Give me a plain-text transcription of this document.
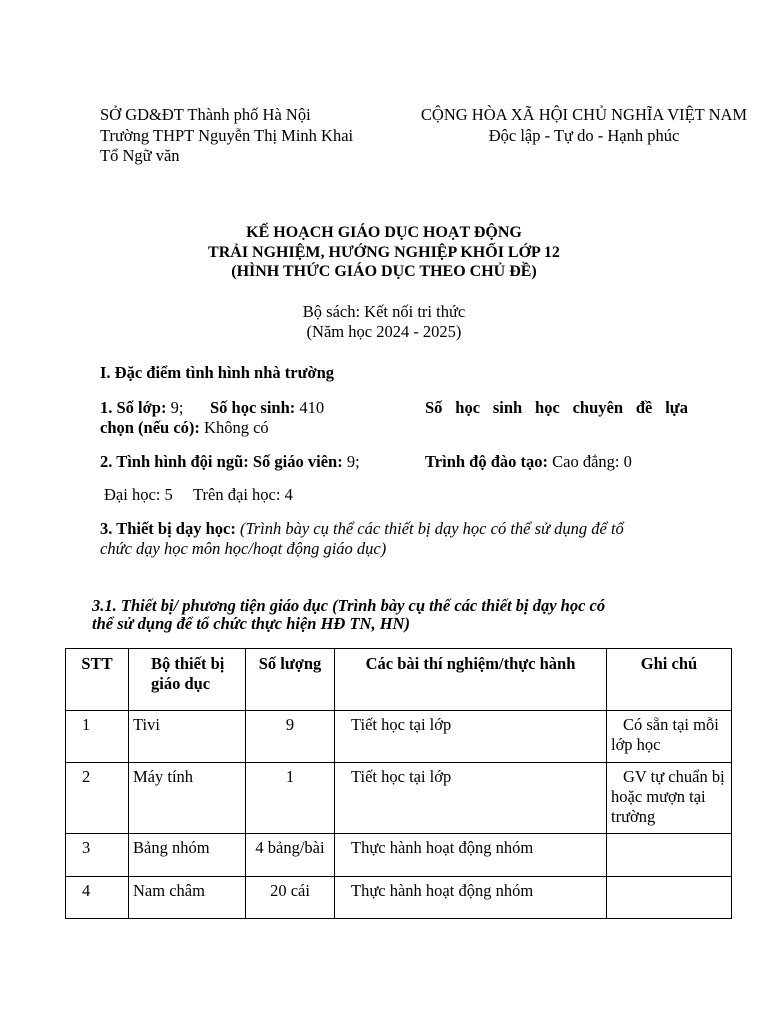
SỞ GD&ĐT Thành phố Hà Nội
Trường THPT Nguyễn Thị Minh Khai
Tổ Ngữ văn
CỘNG HÒA XÃ HỘI CHỦ NGHĨA VIỆT NAM
Độc lập - Tự do - Hạnh phúc
KẾ HOẠCH GIÁO DỤC HOẠT ĐỘNG
TRẢI NGHIỆM, HƯỚNG NGHIỆP KHỐI LỚP 12
(HÌNH THỨC GIÁO DỤC THEO CHỦ ĐỀ)
Bộ sách: Kết nối tri thức
(Năm học 2024 - 2025)
I. Đặc điểm tình hình nhà trường
1. Số lớp: 9; Số học sinh: 410	Số học sinh học chuyên đề lựa
chọn (nếu có): Không có
2. Tình hình đội ngũ: Số giáo viên: 9;	Trình độ đào tạo: Cao đẳng: 0
Đại học: 5     Trên đại học: 4
3. Thiết bị dạy học: (Trình bày cụ thể các thiết bị dạy học có thể sử dụng để tổ
chức dạy học môn học/hoạt động giáo dục)
3.1. Thiết bị/ phương tiện giáo dục (Trình bày cụ thể các thiết bị dạy học có
thể sử dụng để tổ chức thực hiện HĐ TN, HN)
STT	Bộ thiết bị giáo dục	Số lượng	Các bài thí nghiệm/thực hành	Ghi chú
1	Tivi	9	Tiết học tại lớp	Có sẵn tại mỗi lớp học
2	Máy tính	1	Tiết học tại lớp	GV tự chuẩn bị hoặc mượn tại trường
3	Bảng nhóm	4 bảng/bài	Thực hành hoạt động nhóm	
4	Nam châm	20 cái	Thực hành hoạt động nhóm	
